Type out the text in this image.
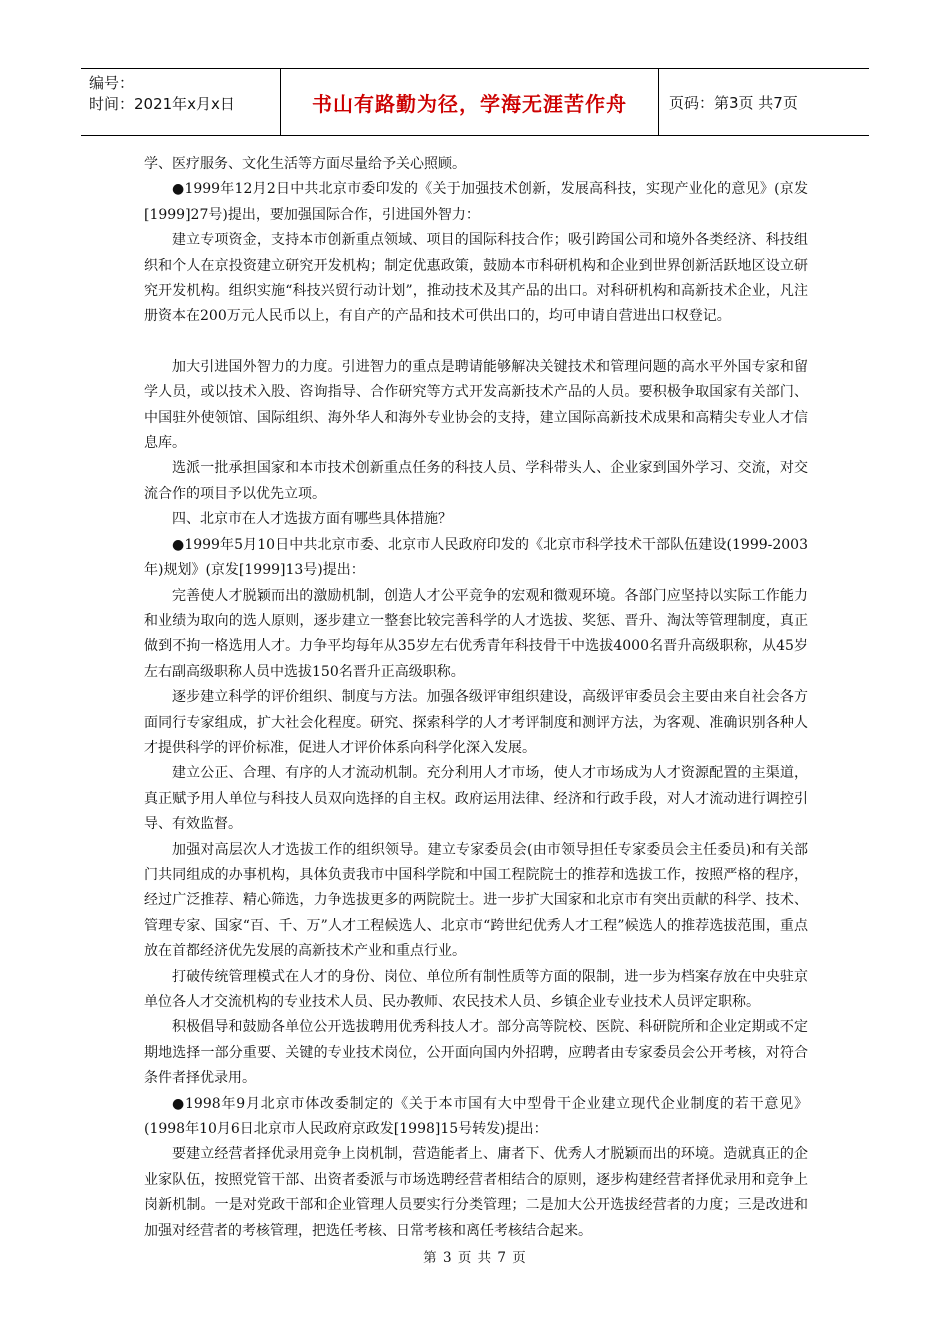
编号：
时间：2021年x月x日	书山有路勤为径，学海无涯苦作舟	页码：第3页 共7页

学、医疗服务、文化生活等方面尽量给予关心照顾。

●1999年12月2日中共北京市委印发的《关于加强技术创新，发展高科技，实现产业化的意见》(京发[1999]27号)提出，要加强国际合作，引进国外智力：

建立专项资金，支持本市创新重点领域、项目的国际科技合作；吸引跨国公司和境外各类经济、科技组织和个人在京投资建立研究开发机构；制定优惠政策，鼓励本市科研机构和企业到世界创新活跃地区设立研究开发机构。组织实施“科技兴贸行动计划”，推动技术及其产品的出口。对科研机构和高新技术企业，凡注册资本在200万元人民币以上，有自产的产品和技术可供出口的，均可申请自营进出口权登记。

加大引进国外智力的力度。引进智力的重点是聘请能够解决关键技术和管理问题的高水平外国专家和留学人员，或以技术入股、咨询指导、合作研究等方式开发高新技术产品的人员。要积极争取国家有关部门、中国驻外使领馆、国际组织、海外华人和海外专业协会的支持，建立国际高新技术成果和高精尖专业人才信息库。

选派一批承担国家和本市技术创新重点任务的科技人员、学科带头人、企业家到国外学习、交流，对交流合作的项目予以优先立项。

四、北京市在人才选拔方面有哪些具体措施？

●1999年5月10日中共北京市委、北京市人民政府印发的《北京市科学技术干部队伍建设(1999-2003年)规划》(京发[1999]13号)提出：

完善使人才脱颖而出的激励机制，创造人才公平竞争的宏观和微观环境。各部门应坚持以实际工作能力和业绩为取向的选人原则，逐步建立一整套比较完善科学的人才选拔、奖惩、晋升、淘汰等管理制度，真正做到不拘一格选用人才。力争平均每年从35岁左右优秀青年科技骨干中选拔4000名晋升高级职称，从45岁左右副高级职称人员中选拔150名晋升正高级职称。

逐步建立科学的评价组织、制度与方法。加强各级评审组织建设，高级评审委员会主要由来自社会各方面同行专家组成，扩大社会化程度。研究、探索科学的人才考评制度和测评方法，为客观、准确识别各种人才提供科学的评价标准，促进人才评价体系向科学化深入发展。

建立公正、合理、有序的人才流动机制。充分利用人才市场，使人才市场成为人才资源配置的主渠道，真正赋予用人单位与科技人员双向选择的自主权。政府运用法律、经济和行政手段，对人才流动进行调控引导、有效监督。

加强对高层次人才选拔工作的组织领导。建立专家委员会(由市领导担任专家委员会主任委员)和有关部门共同组成的办事机构，具体负责我市中国科学院和中国工程院院士的推荐和选拔工作，按照严格的程序，经过广泛推荐、精心筛选，力争选拔更多的两院院士。进一步扩大国家和北京市有突出贡献的科学、技术、管理专家、国家“百、千、万”人才工程候选人、北京市“跨世纪优秀人才工程”候选人的推荐选拔范围，重点放在首都经济优先发展的高新技术产业和重点行业。

打破传统管理模式在人才的身份、岗位、单位所有制性质等方面的限制，进一步为档案存放在中央驻京单位各人才交流机构的专业技术人员、民办教师、农民技术人员、乡镇企业专业技术人员评定职称。

积极倡导和鼓励各单位公开选拔聘用优秀科技人才。部分高等院校、医院、科研院所和企业定期或不定期地选择一部分重要、关键的专业技术岗位，公开面向国内外招聘，应聘者由专家委员会公开考核，对符合条件者择优录用。

●1998年9月北京市体改委制定的《关于本市国有大中型骨干企业建立现代企业制度的若干意见》(1998年10月6日北京市人民政府京政发[1998]15号转发)提出：

要建立经营者择优录用竞争上岗机制，营造能者上、庸者下、优秀人才脱颖而出的环境。造就真正的企业家队伍，按照党管干部、出资者委派与市场选聘经营者相结合的原则，逐步构建经营者择优录用和竞争上岗新机制。一是对党政干部和企业管理人员要实行分类管理；二是加大公开选拔经营者的力度；三是改进和加强对经营者的考核管理，把选任考核、日常考核和离任考核结合起来。

第 3 页 共 7 页
